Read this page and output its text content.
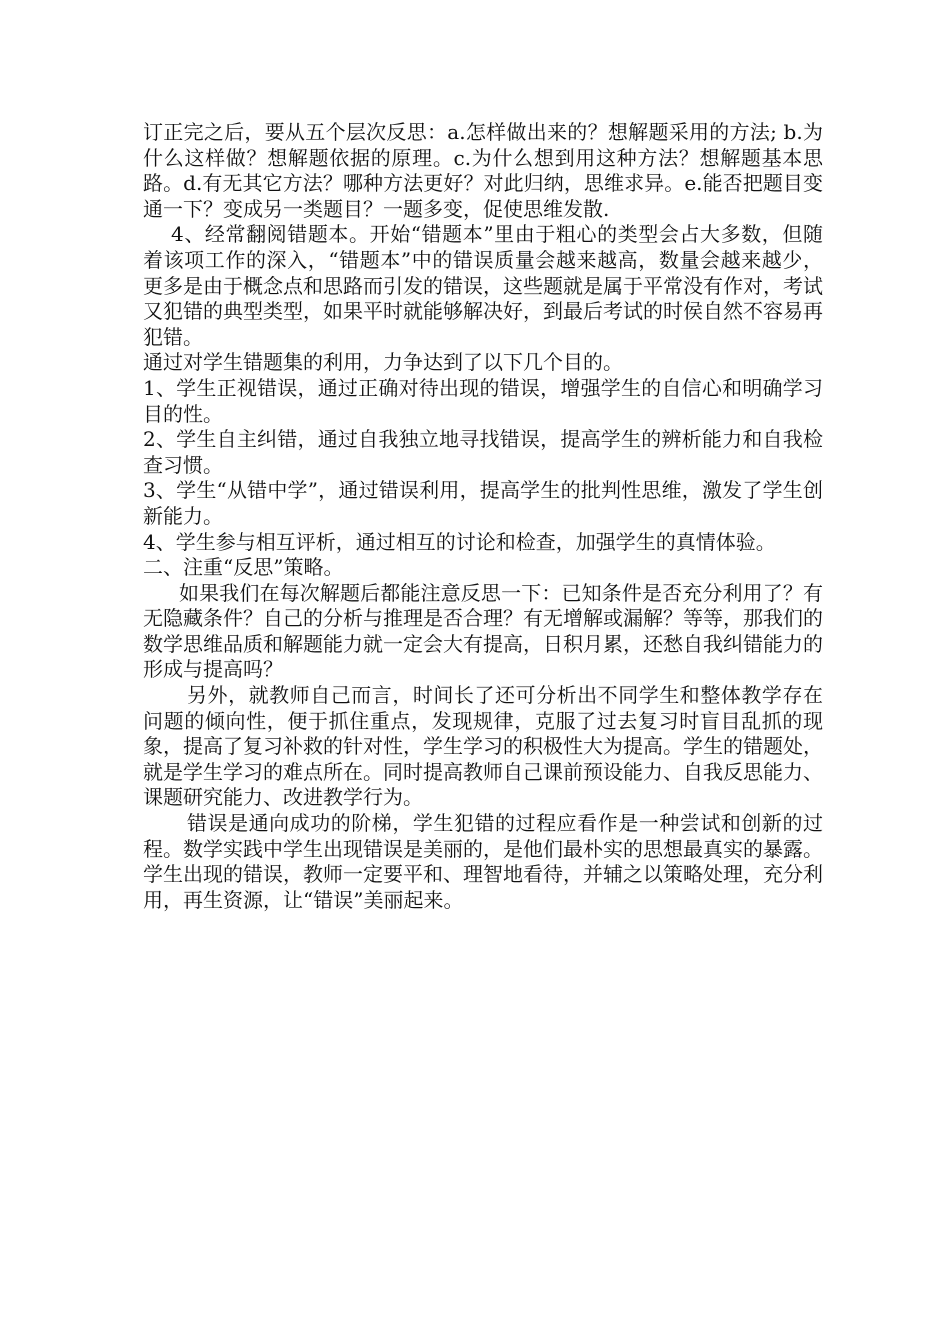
订正完之后，要从五个层次反思：a.怎样做出来的？想解题采用的方法; b.为什么这样做？想解题依据的原理。c.为什么想到用这种方法？想解题基本思路。d.有无其它方法？哪种方法更好？对此归纳，思维求异。e.能否把题目变通一下？变成另一类题目？一题多变，促使思维发散.

4、经常翻阅错题本。开始“错题本”里由于粗心的类型会占大多数，但随着该项工作的深入，“错题本”中的错误质量会越来越高，数量会越来越少，更多是由于概念点和思路而引发的错误，这些题就是属于平常没有作对，考试又犯错的典型类型，如果平时就能够解决好，到最后考试的时侯自然不容易再犯错。

通过对学生错题集的利用，力争达到了以下几个目的。

1、学生正视错误，通过正确对待出现的错误，增强学生的自信心和明确学习目的性。

2、学生自主纠错，通过自我独立地寻找错误，提高学生的辨析能力和自我检查习惯。

3、学生“从错中学”，通过错误利用，提高学生的批判性思维，激发了学生创新能力。

4、学生参与相互评析，通过相互的讨论和检查，加强学生的真情体验。

二、注重“反思”策略。

如果我们在每次解题后都能注意反思一下：已知条件是否充分利用了？有无隐藏条件？自己的分析与推理是否合理？有无增解或漏解？等等，那我们的数学思维品质和解题能力就一定会大有提高，日积月累，还愁自我纠错能力的形成与提高吗？

另外，就教师自己而言，时间长了还可分析出不同学生和整体教学存在问题的倾向性，便于抓住重点，发现规律，克服了过去复习时盲目乱抓的现象，提高了复习补救的针对性，学生学习的积极性大为提高。学生的错题处，就是学生学习的难点所在。同时提高教师自己课前预设能力、自我反思能力、课题研究能力、改进教学行为。

错误是通向成功的阶梯，学生犯错的过程应看作是一种尝试和创新的过程。数学实践中学生出现错误是美丽的，是他们最朴实的思想最真实的暴露。学生出现的错误，教师一定要平和、理智地看待，并辅之以策略处理，充分利用，再生资源，让“错误”美丽起来。
